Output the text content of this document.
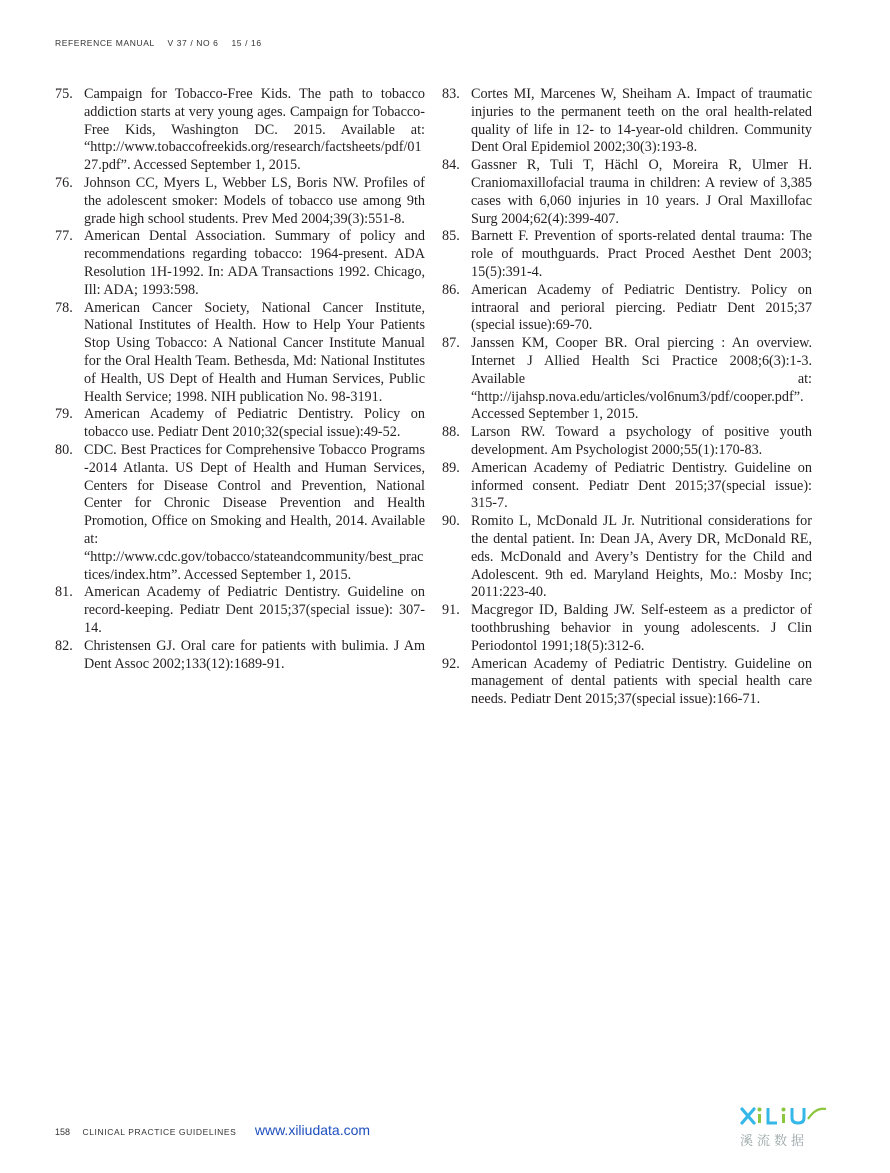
REFERENCE MANUAL V 37 / NO 6 15 / 16
75. Campaign for Tobacco-Free Kids. The path to tobacco addiction starts at very young ages. Campaign for Tobacco-Free Kids, Washington DC. 2015. Available at: “http://www.tobaccofreekids.org/research/factsheets/pdf/0127.pdf”. Accessed September 1, 2015.
76. Johnson CC, Myers L, Webber LS, Boris NW. Profiles of the adolescent smoker: Models of tobacco use among 9th grade high school students. Prev Med 2004;39(3):551-8.
77. American Dental Association. Summary of policy and recommendations regarding tobacco: 1964-present. ADA Resolution 1H-1992. In: ADA Transactions 1992. Chicago, Ill: ADA; 1993:598.
78. American Cancer Society, National Cancer Institute, National Institutes of Health. How to Help Your Patients Stop Using Tobacco: A National Cancer Institute Manual for the Oral Health Team. Bethesda, Md: National Institutes of Health, US Dept of Health and Human Services, Public Health Service; 1998. NIH publication No. 98-3191.
79. American Academy of Pediatric Dentistry. Policy on tobacco use. Pediatr Dent 2010;32(special issue):49-52.
80. CDC. Best Practices for Comprehensive Tobacco Programs -2014 Atlanta. US Dept of Health and Human Services, Centers for Disease Control and Prevention, National Center for Chronic Disease Prevention and Health Promotion, Office on Smoking and Health, 2014. Available at: “http://www.cdc.gov/tobacco/stateandcommunity/best_practices/index.htm”. Accessed September 1, 2015.
81. American Academy of Pediatric Dentistry. Guideline on record-keeping. Pediatr Dent 2015;37(special issue): 307-14.
82. Christensen GJ. Oral care for patients with bulimia. J Am Dent Assoc 2002;133(12):1689-91.
83. Cortes MI, Marcenes W, Sheiham A. Impact of traumatic injuries to the permanent teeth on the oral health-related quality of life in 12- to 14-year-old children. Community Dent Oral Epidemiol 2002;30(3):193-8.
84. Gassner R, Tuli T, Hächl O, Moreira R, Ulmer H. Craniomaxillofacial trauma in children: A review of 3,385 cases with 6,060 injuries in 10 years. J Oral Maxillofac Surg 2004;62(4):399-407.
85. Barnett F. Prevention of sports-related dental trauma: The role of mouthguards. Pract Proced Aesthet Dent 2003; 15(5):391-4.
86. American Academy of Pediatric Dentistry. Policy on intraoral and perioral piercing. Pediatr Dent 2015;37 (special issue):69-70.
87. Janssen KM, Cooper BR. Oral piercing : An overview. Internet J Allied Health Sci Practice 2008;6(3):1-3. Available at: “http://ijahsp.nova.edu/articles/vol6num3/pdf/cooper.pdf”. Accessed September 1, 2015.
88. Larson RW. Toward a psychology of positive youth development. Am Psychologist 2000;55(1):170-83.
89. American Academy of Pediatric Dentistry. Guideline on informed consent. Pediatr Dent 2015;37(special issue): 315-7.
90. Romito L, McDonald JL Jr. Nutritional considerations for the dental patient. In: Dean JA, Avery DR, McDonald RE, eds. McDonald and Avery’s Dentistry for the Child and Adolescent. 9th ed. Maryland Heights, Mo.: Mosby Inc; 2011:223-40.
91. Macgregor ID, Balding JW. Self-esteem as a predictor of toothbrushing behavior in young adolescents. J Clin Periodontol 1991;18(5):312-6.
92. American Academy of Pediatric Dentistry. Guideline on management of dental patients with special health care needs. Pediatr Dent 2015;37(special issue):166-71.
158 CLINICAL PRACTICE GUIDELINES www.xiliudata.com
溪流数据
